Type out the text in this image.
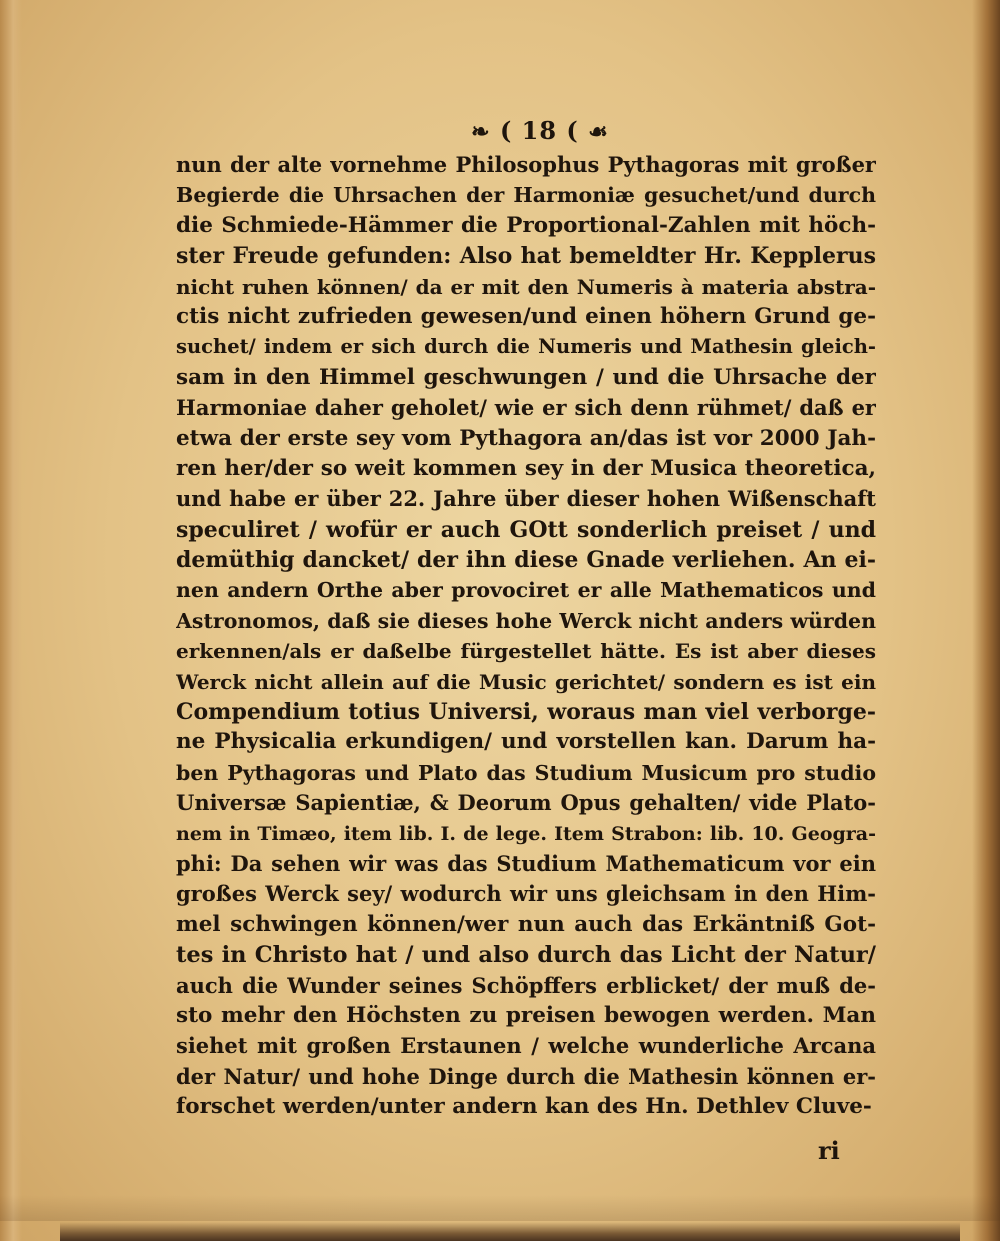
❧ ( 18 ( ☙
nun der alte vornehme Philosophus Pythagoras mit großer
Begierde die Uhrsachen der Harmoniæ gesuchet/und durch
die Schmiede-Hämmer die Proportional-Zahlen mit höch-
ster Freude gefunden: Also hat bemeldter Hr. Kepplerus
nicht ruhen können/ da er mit den Numeris à materia abstra-
ctis nicht zufrieden gewesen/und einen höhern Grund ge-
suchet/ indem er sich durch die Numeris und Mathesin gleich-
sam in den Himmel geschwungen / und die Uhrsache der
Harmoniae daher geholet/ wie er sich denn rühmet/ daß er
etwa der erste sey vom Pythagora an/das ist vor 2000 Jah-
ren her/der so weit kommen sey in der Musica theoretica,
und habe er über 22. Jahre über dieser hohen Wißenschaft
speculiret / wofür er auch GOtt sonderlich preiset / und
demüthig dancket/ der ihn diese Gnade verliehen. An ei-
nen andern Orthe aber provociret er alle Mathematicos und
Astronomos, daß sie dieses hohe Werck nicht anders würden
erkennen/als er daßelbe fürgestellet hätte. Es ist aber dieses
Werck nicht allein auf die Music gerichtet/ sondern es ist ein
Compendium totius Universi, woraus man viel verborge-
ne Physicalia erkundigen/ und vorstellen kan. Darum ha-
ben Pythagoras und Plato das Studium Musicum pro studio
Universæ Sapientiæ, & Deorum Opus gehalten/ vide Plato-
nem in Timæo, item lib. I. de lege. Item Strabon: lib. 10. Geogra-
phi: Da sehen wir was das Studium Mathematicum vor ein
großes Werck sey/ wodurch wir uns gleichsam in den Him-
mel schwingen können/wer nun auch das Erkäntniß Got-
tes in Christo hat / und also durch das Licht der Natur/
auch die Wunder seines Schöpffers erblicket/ der muß de-
sto mehr den Höchsten zu preisen bewogen werden. Man
siehet mit großen Erstaunen / welche wunderliche Arcana
der Natur/ und hohe Dinge durch die Mathesin können er-
forschet werden/unter andern kan des Hn. Dethlev Cluve-
ri
